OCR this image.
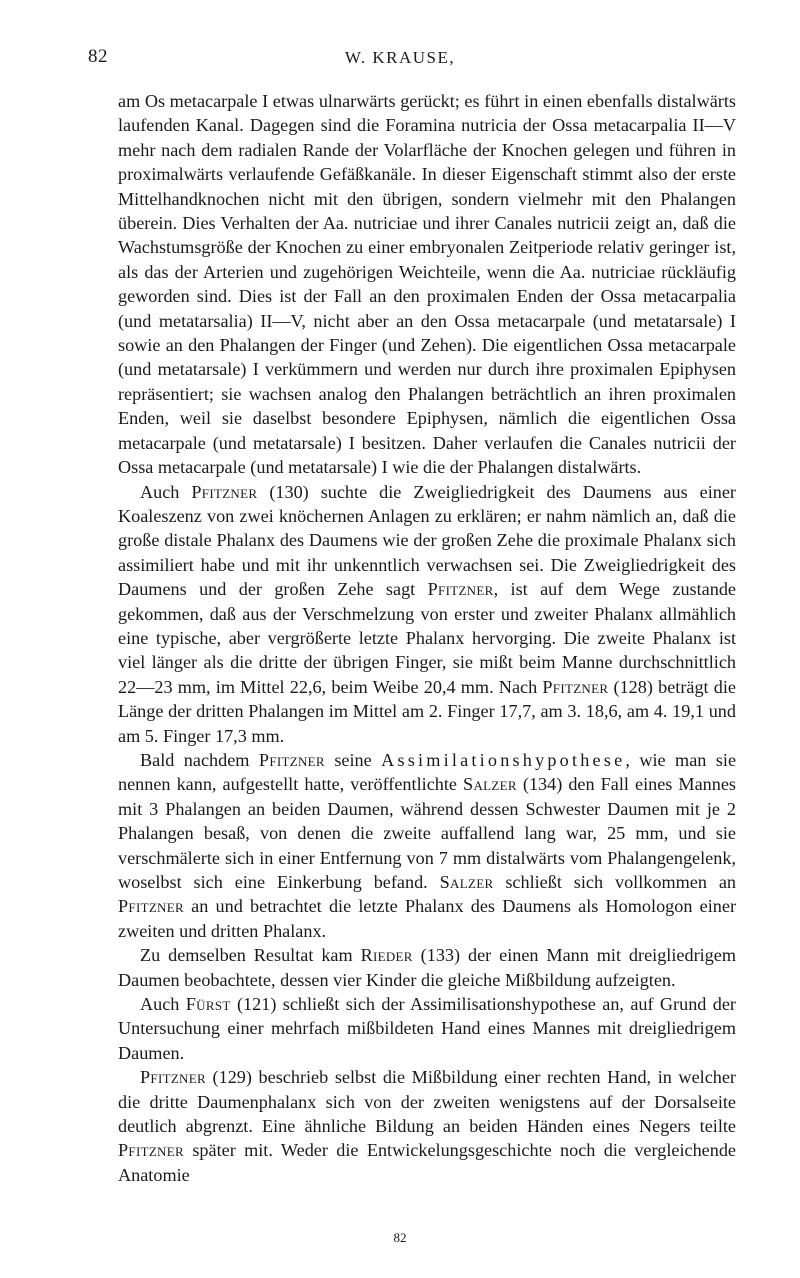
82	W. KRAUSE,

am Os metacarpale I etwas ulnarwärts gerückt; es führt in einen ebenfalls distalwärts laufenden Kanal. Dagegen sind die Foramina nutricia der Ossa metacarpalia II—V mehr nach dem radialen Rande der Volarfläche der Knochen gelegen und führen in proximalwärts verlaufende Gefäßkanäle. In dieser Eigenschaft stimmt also der erste Mittelhandknochen nicht mit den übrigen, sondern vielmehr mit den Phalangen überein. Dies Verhalten der Aa. nutriciae und ihrer Canales nutricii zeigt an, daß die Wachstumsgröße der Knochen zu einer embryonalen Zeitperiode relativ geringer ist, als das der Arterien und zugehörigen Weichteile, wenn die Aa. nutriciae rückläufig geworden sind. Dies ist der Fall an den proximalen Enden der Ossa metacarpalia (und metatarsalia) II—V, nicht aber an den Ossa metacarpale (und metatarsale) I sowie an den Phalangen der Finger (und Zehen). Die eigentlichen Ossa metacarpale (und metatarsale) I verkümmern und werden nur durch ihre proximalen Epiphysen repräsentiert; sie wachsen analog den Phalangen beträchtlich an ihren proximalen Enden, weil sie daselbst besondere Epiphysen, nämlich die eigentlichen Ossa metacarpale (und metatarsale) I besitzen. Daher verlaufen die Canales nutricii der Ossa metacarpale (und metatarsale) I wie die der Phalangen distalwärts.

Auch Pfitzner (130) suchte die Zweigliedrigkeit des Daumens aus einer Koaleszenz von zwei knöchernen Anlagen zu erklären; er nahm nämlich an, daß die große distale Phalanx des Daumens wie der großen Zehe die proximale Phalanx sich assimiliert habe und mit ihr unkenntlich verwachsen sei. Die Zweigliedrigkeit des Daumens und der großen Zehe sagt Pfitzner, ist auf dem Wege zustande gekommen, daß aus der Verschmelzung von erster und zweiter Phalanx allmählich eine typische, aber vergrößerte letzte Phalanx hervorging. Die zweite Phalanx ist viel länger als die dritte der übrigen Finger, sie mißt beim Manne durchschnittlich 22—23 mm, im Mittel 22,6, beim Weibe 20,4 mm. Nach Pfitzner (128) beträgt die Länge der dritten Phalangen im Mittel am 2. Finger 17,7, am 3. 18,6, am 4. 19,1 und am 5. Finger 17,3 mm.

Bald nachdem Pfitzner seine Assimilationshypothese, wie man sie nennen kann, aufgestellt hatte, veröffentlichte Salzer (134) den Fall eines Mannes mit 3 Phalangen an beiden Daumen, während dessen Schwester Daumen mit je 2 Phalangen besaß, von denen die zweite auffallend lang war, 25 mm, und sie verschmälerte sich in einer Entfernung von 7 mm distalwärts vom Phalangengelenk, woselbst sich eine Einkerbung befand. Salzer schließt sich vollkommen an Pfitzner an und betrachtet die letzte Phalanx des Daumens als Homologon einer zweiten und dritten Phalanx.

Zu demselben Resultat kam Rieder (133) der einen Mann mit dreigliedrigem Daumen beobachtete, dessen vier Kinder die gleiche Mißbildung aufzeigten.

Auch Fürst (121) schließt sich der Assimilisationshypothese an, auf Grund der Untersuchung einer mehrfach mißbildeten Hand eines Mannes mit dreigliedrigem Daumen.

Pfitzner (129) beschrieb selbst die Mißbildung einer rechten Hand, in welcher die dritte Daumenphalanx sich von der zweiten wenigstens auf der Dorsalseite deutlich abgrenzt. Eine ähnliche Bildung an beiden Händen eines Negers teilte Pfitzner später mit. Weder die Entwickelungsgeschichte noch die vergleichende Anatomie

82
